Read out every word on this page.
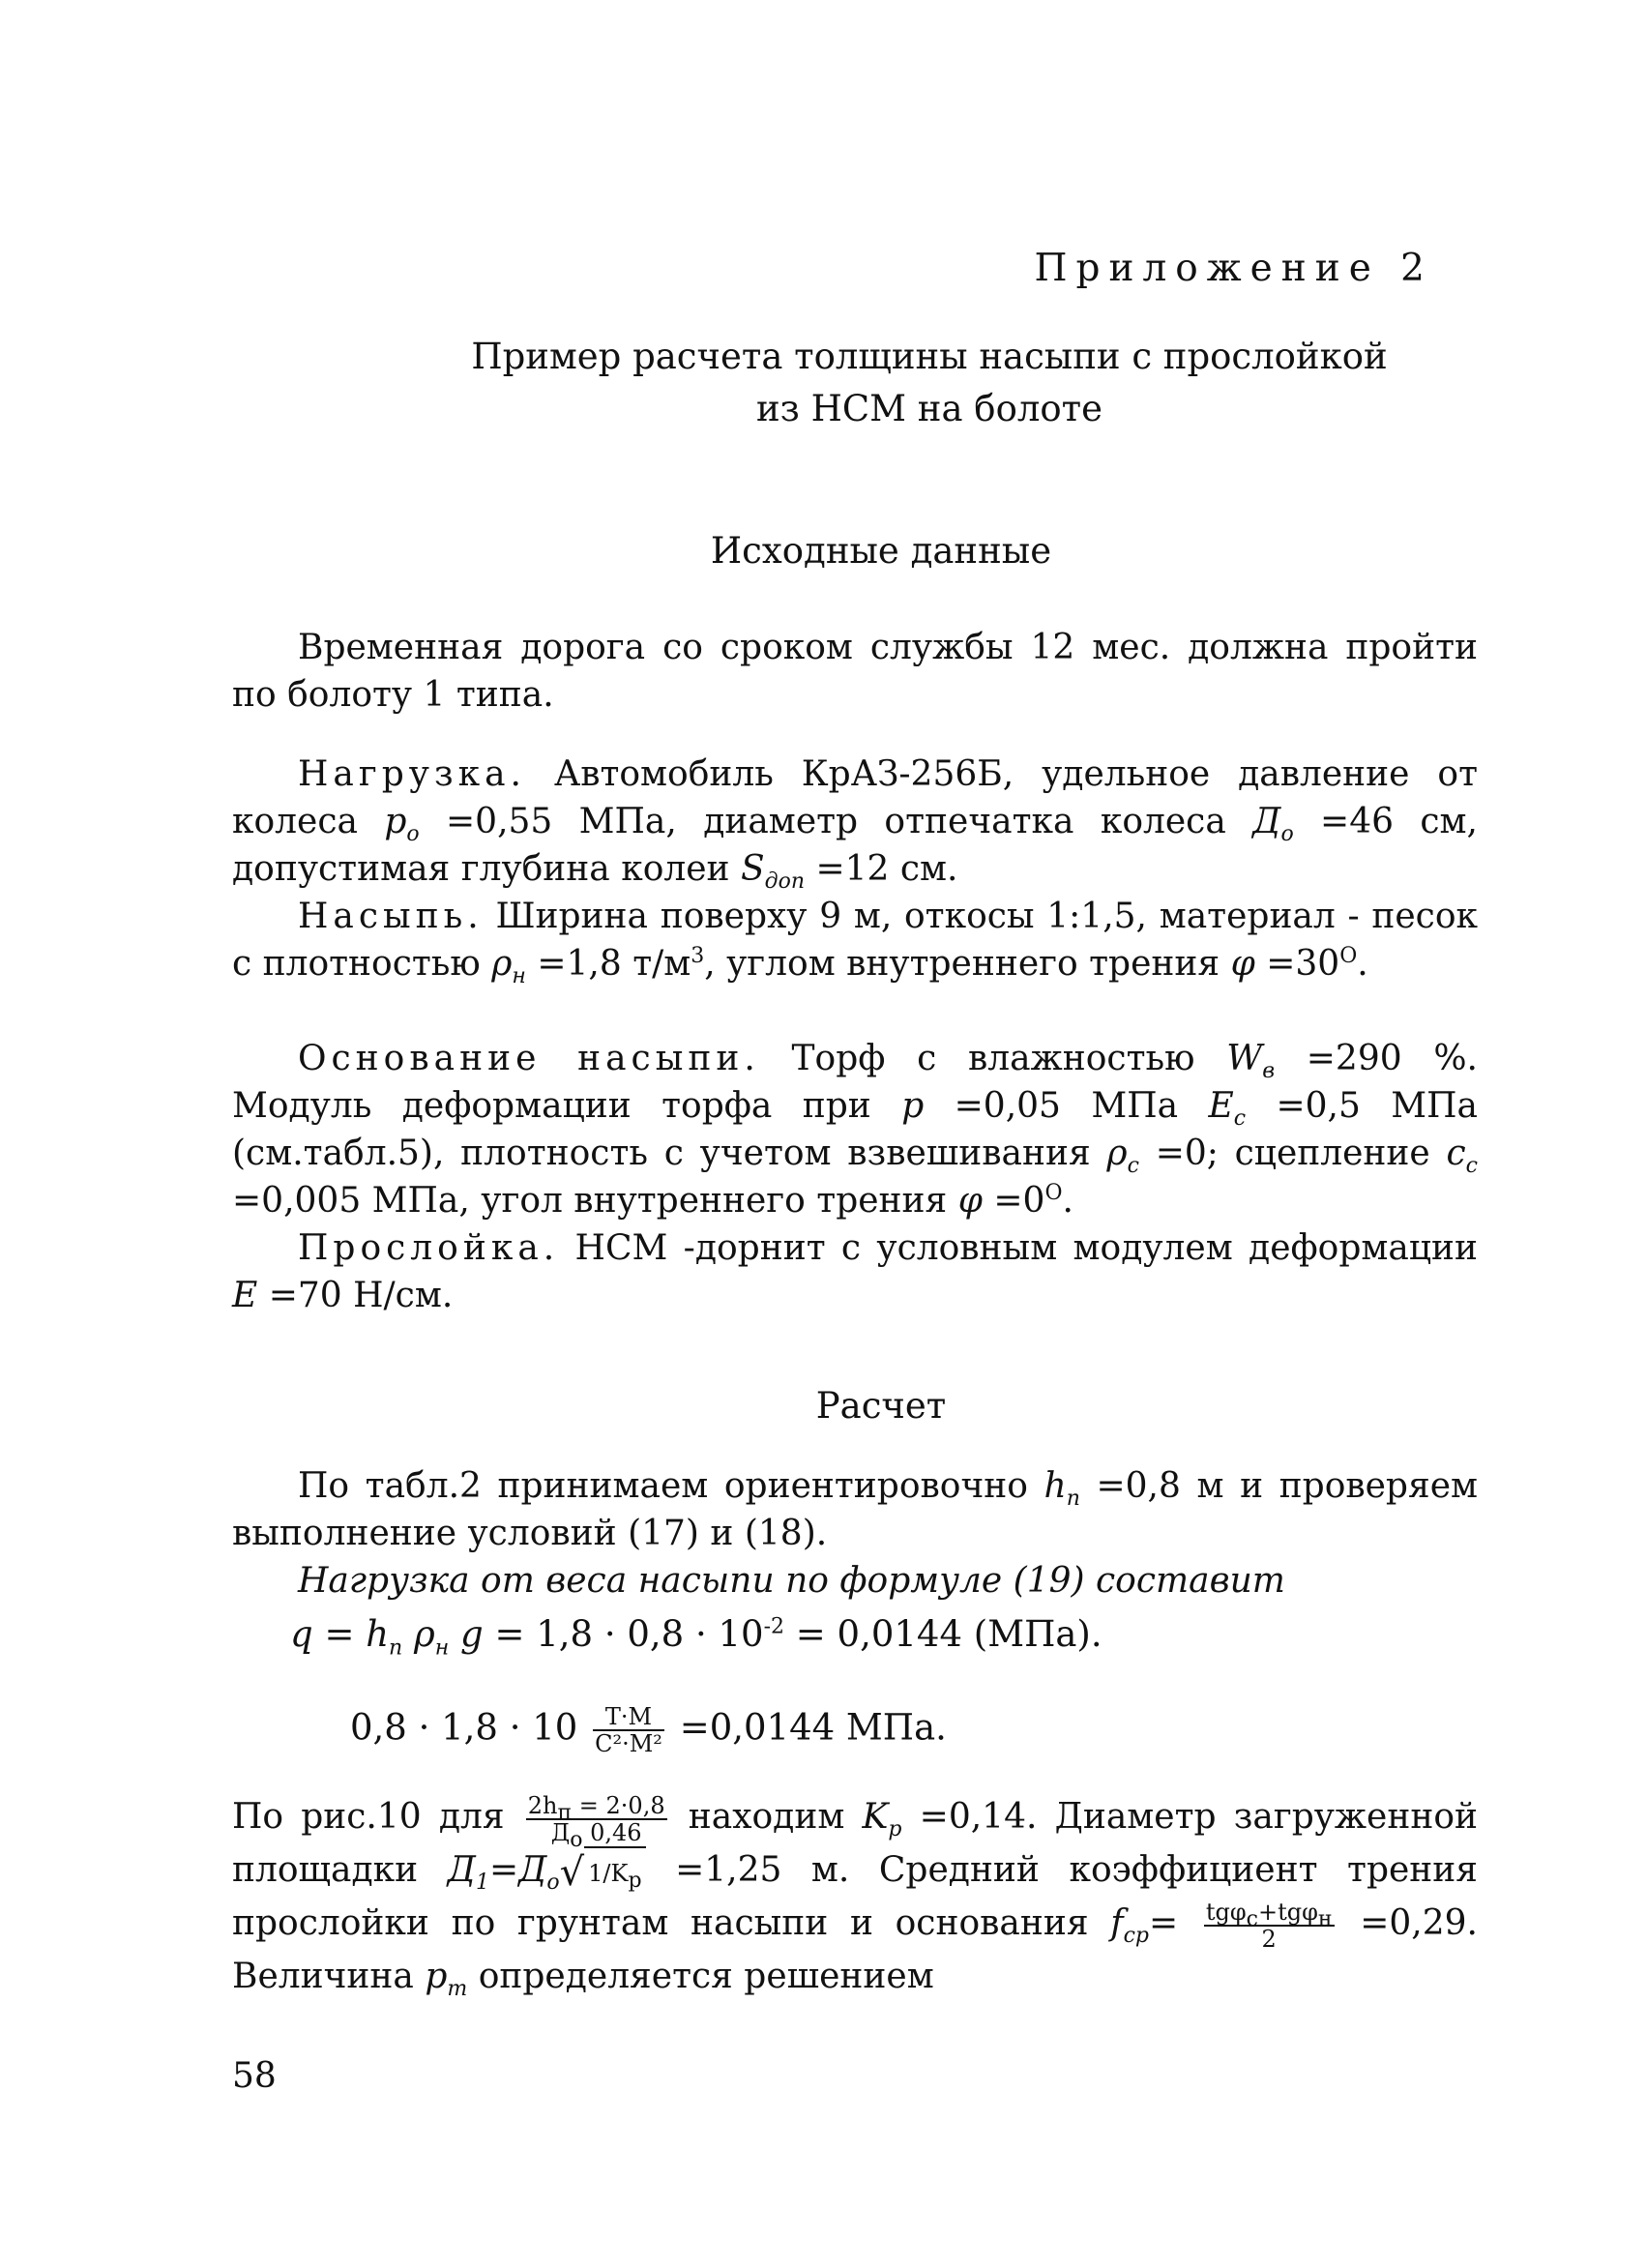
Приложение 2
Пример расчета толщины насыпи с прослойкой
из НСМ на болоте
Исходные данные
Временная дорога со сроком службы 12 мес. должна пройти по болоту 1 типа.
Нагрузка. Автомобиль КрАЗ-256Б, удельное давление от колеса $p_o =0,55$ МПа, диаметр отпечатка колеса $Д_o =46$ см, допустимая глубина колеи $S_{доп} =12$ см.
Насыпь. Ширина поверху 9 м, откосы 1:1,5, материал - песок с плотностью $\rho_н =1,8$ $т/м^3$, углом внутреннего трения $\varphi =30^О$.
Основание насыпи. Торф с влажностью $W_в =290$ %. Модуль деформации торфа при p =0,05 МПа $E_c =0,5$ МПа (см.табл.5), плотность с учетом взвешивания $\rho_c =0$; сцепление $c_c =0,005$ МПа, угол внутреннего трения $\varphi =0^О$.
Прослойка. НСМ -дорнит с условным модулем деформации E =70 Н/см.
Расчет
По табл.2 принимаем ориентировочно $h_п =0,8$ м и проверяем выполнение условий (17) и (18).
Нагрузка от веса насыпи по формуле (19) составит
$q = h_п$ $\rho_н$ $g = 1,8 \cdot 0,8 \cdot 10^{-2} = 0,0144$ (МПа).
$0,8 \cdot 1,8 \cdot 10 \frac{Т\cdot М}{\text{С²·М²}} =0,0144$ МПа.
По рис.10 для $\frac{2h_п = 2\cdot 0,8}{Д_o 0,46}$ находим $K_p =0,14$. Диаметр загруженной площадки $Д_1=Д_o√$ $1/K_p =1,25$ м. Средний коэффициент трения прослойки по грунтам насыпи и основания $f_{ср}= \frac{tg\varphi_c+tg\varphi_н}{2} =0,29$. Величина $p_т$ определяется решением
58
